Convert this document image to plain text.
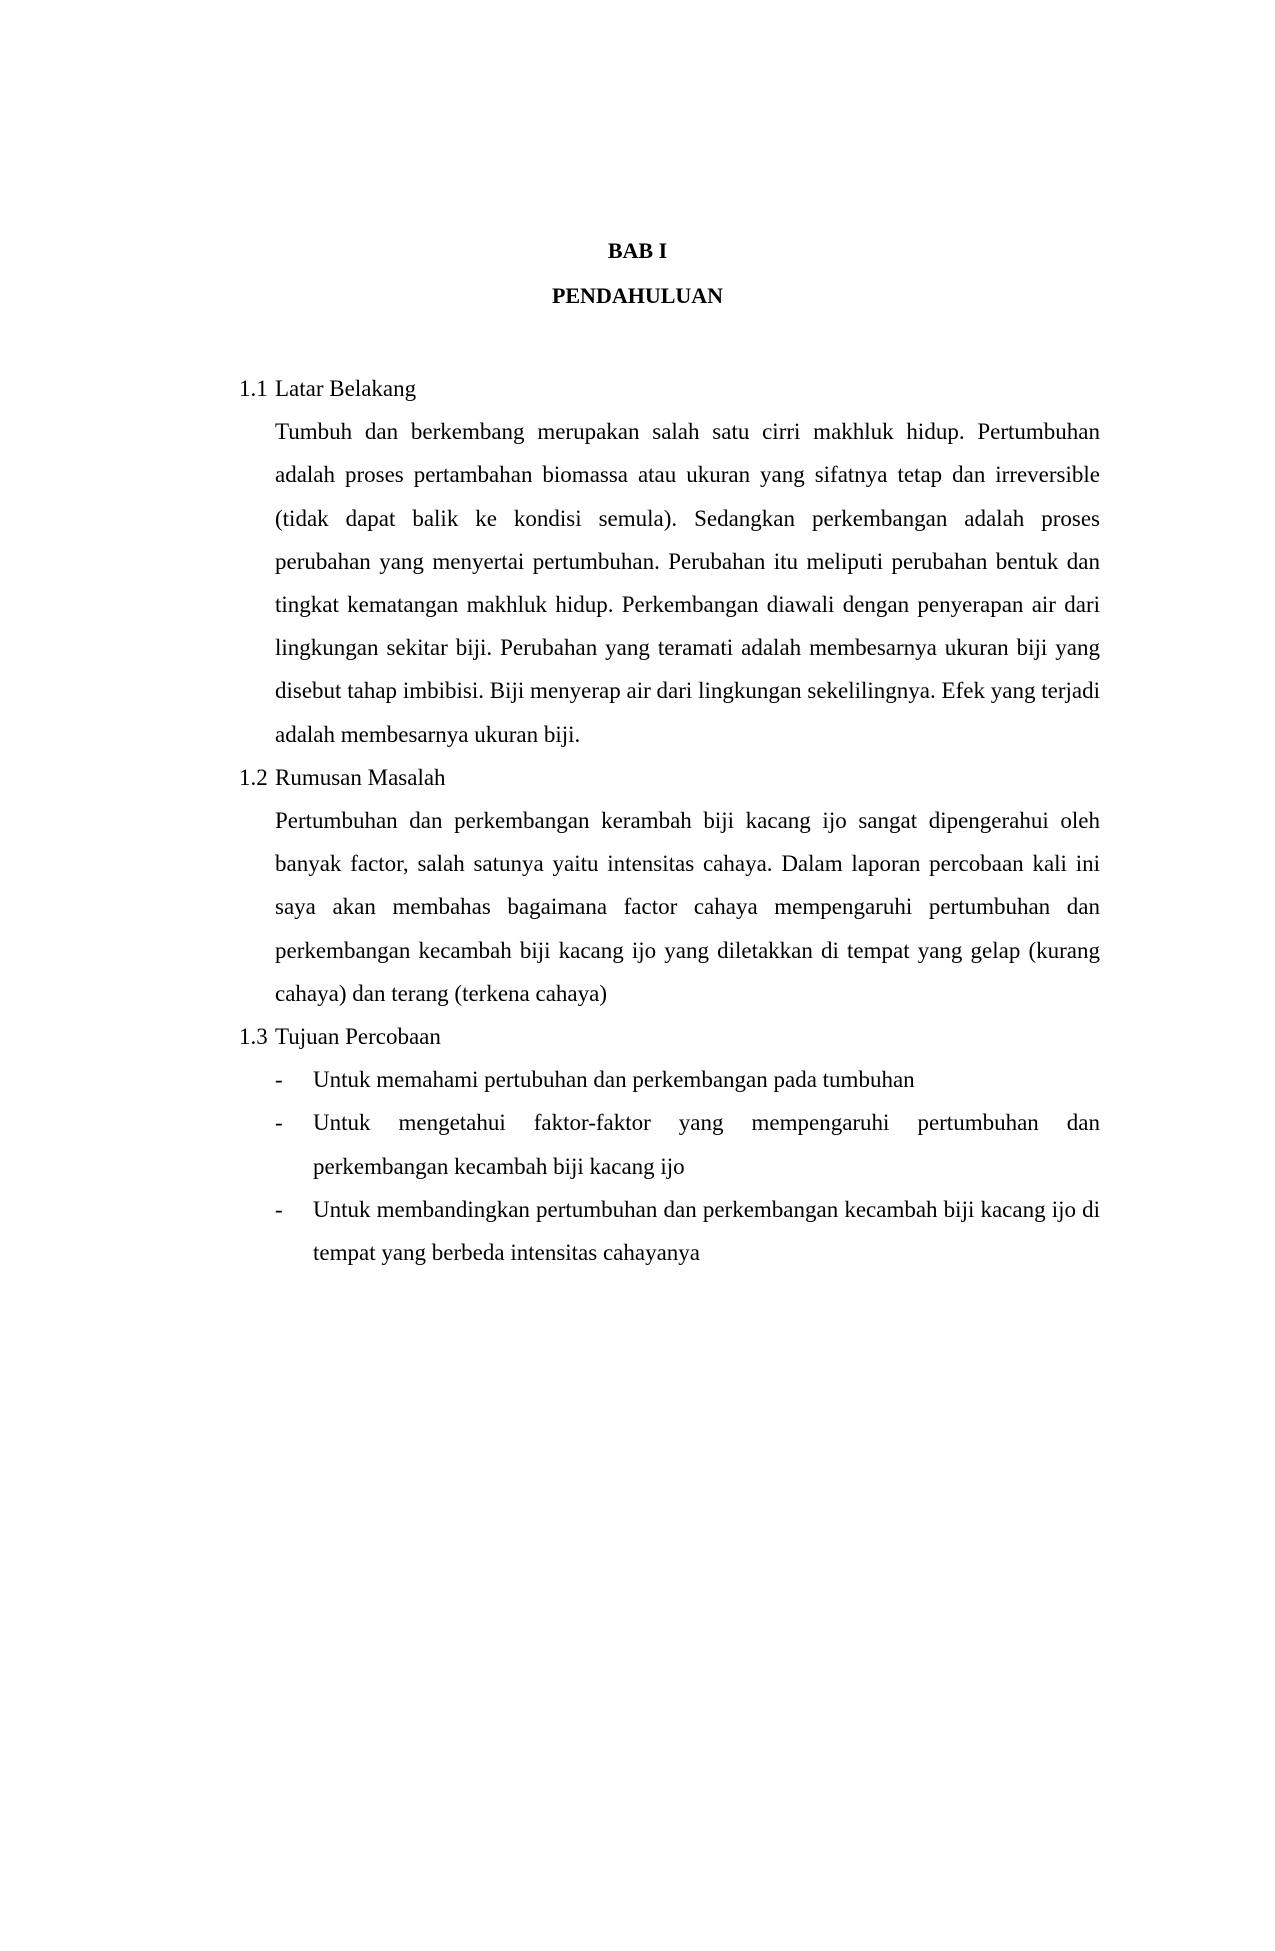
BAB I
PENDAHULUAN

1.1 Latar Belakang

Tumbuh dan berkembang merupakan salah satu cirri makhluk hidup. Pertumbuhan adalah proses pertambahan biomassa atau ukuran yang sifatnya tetap dan irreversible (tidak dapat balik ke kondisi semula). Sedangkan perkembangan adalah proses perubahan yang menyertai pertumbuhan. Perubahan itu meliputi perubahan bentuk dan tingkat kematangan makhluk hidup. Perkembangan diawali dengan penyerapan air dari lingkungan sekitar biji. Perubahan yang teramati adalah membesarnya ukuran biji yang disebut tahap imbibisi. Biji menyerap air dari lingkungan sekelilingnya. Efek yang terjadi adalah membesarnya ukuran biji.

1.2 Rumusan Masalah

Pertumbuhan dan perkembangan kerambah biji kacang ijo sangat dipengerahui oleh banyak factor, salah satunya yaitu intensitas cahaya. Dalam laporan percobaan kali ini saya akan membahas bagaimana factor cahaya mempengaruhi pertumbuhan dan perkembangan kecambah biji kacang ijo yang diletakkan di tempat yang gelap (kurang cahaya) dan terang (terkena cahaya)

1.3 Tujuan Percobaan

- Untuk memahami pertubuhan dan perkembangan pada tumbuhan
- Untuk mengetahui faktor-faktor yang mempengaruhi pertumbuhan dan perkembangan kecambah biji kacang ijo
- Untuk membandingkan pertumbuhan dan perkembangan kecambah biji kacang ijo di tempat yang berbeda intensitas cahayanya
